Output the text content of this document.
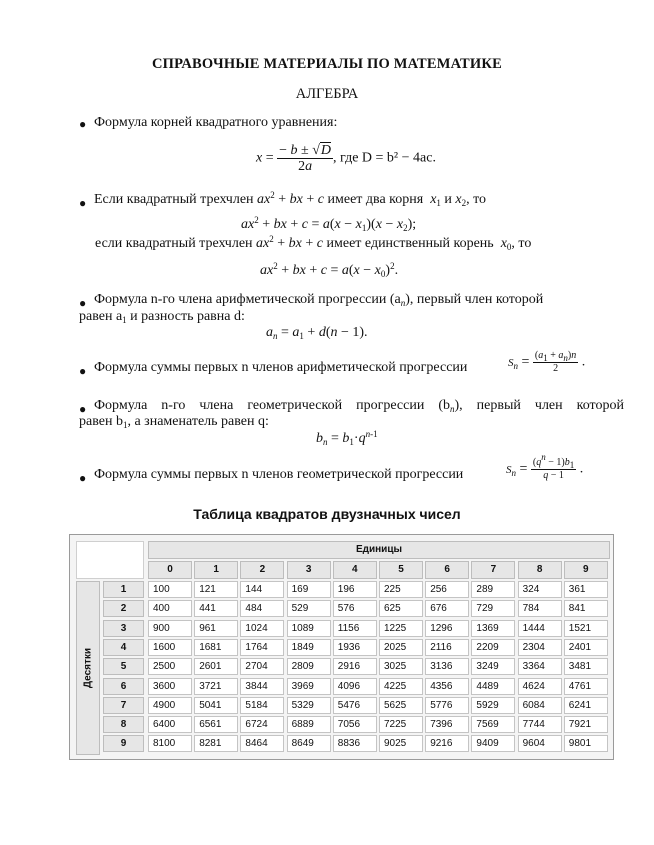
СПРАВОЧНЫЕ МАТЕРИАЛЫ ПО МАТЕМАТИКЕ
АЛГЕБРА
● Формула корней квадратного уравнения:
$x = \frac{- b \pm √D}{2a}$ , где D = b² − 4ac.
● Если квадратный трехчлен $ax^2$ + bx + c имеет два корня $x_1$ и $x_2$, то
$ax^2$ + bx + $c = a(x - x_1)(x - x_2)$;
если квадратный трехчлен $ax^2$ + bx + c имеет единственный корень $x_0$, то
$ax^2$ + bx + $c = a(x - x_0)^2$.
● Формула n-го члена арифметической прогрессии $(a_n)$, первый член которой
равен $a_1$ и разность равна d:
$a_n = a_1 + d(n - 1)$.
● Формула суммы первых n членов арифметической прогрессии	$S_n = \frac{(a_1 + a_n)n}{2}$ .
● Формула n-го члена геометрической прогрессии $(b_n)$, первый член которой
равен $b_1$, а знаменатель равен q:
$b_n = b_1\cdot q^{n-1}$
● Формула суммы первых n членов геометрической прогрессии	$S_n = \frac{(q^n - 1)b_1}{q - 1}$ .
Таблица квадратов двузначных чисел
Единицы
Десятки
0	1	2	3	4	5	6	7	8	9
1	100	121	144	169	196	225	256	289	324	361
2	400	441	484	529	576	625	676	729	784	841
3	900	961	1024	1089	1156	1225	1296	1369	1444	1521
4	1600	1681	1764	1849	1936	2025	2116	2209	2304	2401
5	2500	2601	2704	2809	2916	3025	3136	3249	3364	3481
6	3600	3721	3844	3969	4096	4225	4356	4489	4624	4761
7	4900	5041	5184	5329	5476	5625	5776	5929	6084	6241
8	6400	6561	6724	6889	7056	7225	7396	7569	7744	7921
9	8100	8281	8464	8649	8836	9025	9216	9409	9604	9801
